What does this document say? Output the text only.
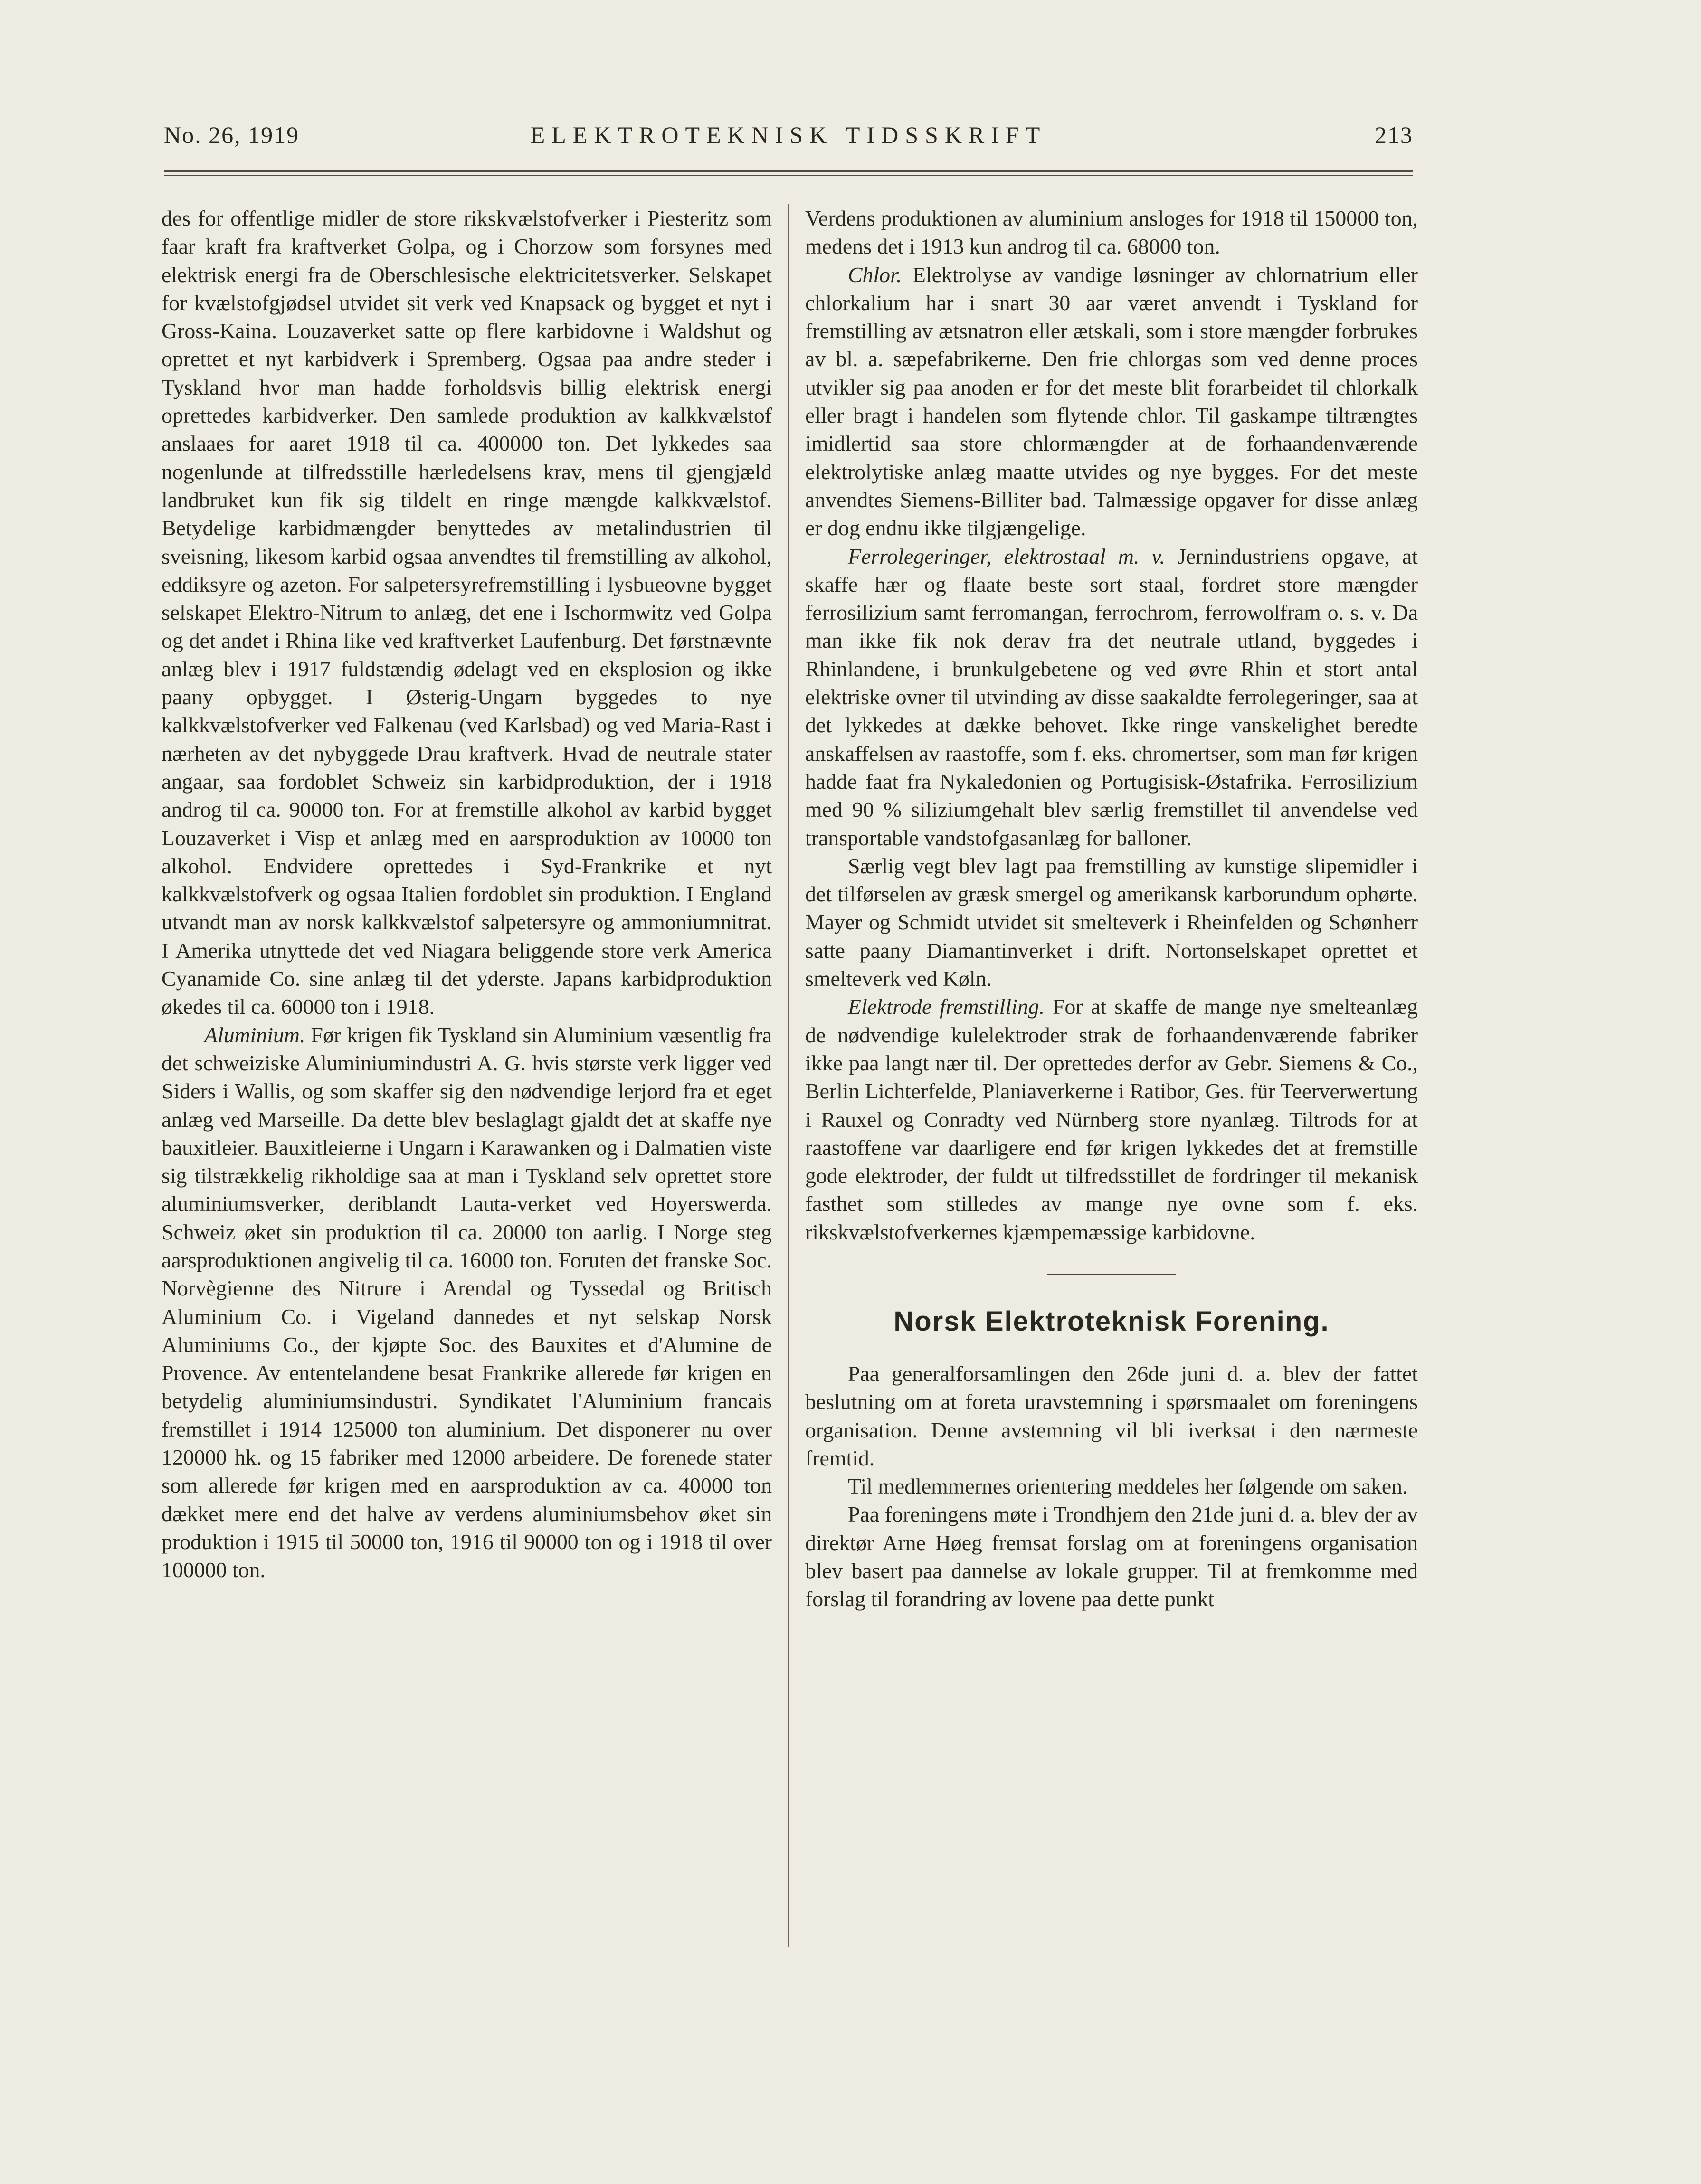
No. 26, 1919	ELEKTROTEKNISK TIDSSKRIFT	213

des for offentlige midler de store rikskvælstofverker i Piesteritz som faar kraft fra kraftverket Golpa, og i Chorzow som forsynes med elektrisk energi fra de Oberschlesische elektricitetsverker. Selskapet for kvælstofgjødsel utvidet sit verk ved Knapsack og bygget et nyt i Gross-Kaina. Louzaverket satte op flere karbidovne i Waldshut og oprettet et nyt karbidverk i Spremberg. Ogsaa paa andre steder i Tyskland hvor man hadde forholdsvis billig elektrisk energi oprettedes karbidverker. Den samlede produktion av kalkkvælstof anslaaes for aaret 1918 til ca. 400000 ton. Det lykkedes saa nogenlunde at tilfredsstille hærledelsens krav, mens til gjengjæld landbruket kun fik sig tildelt en ringe mængde kalkkvælstof. Betydelige karbidmængder benyttedes av metalindustrien til sveisning, likesom karbid ogsaa anvendtes til fremstilling av alkohol, eddiksyre og azeton. For salpetersyrefremstilling i lysbueovne bygget selskapet Elektro-Nitrum to anlæg, det ene i Ischormwitz ved Golpa og det andet i Rhina like ved kraftverket Laufenburg. Det førstnævnte anlæg blev i 1917 fuldstændig ødelagt ved en eksplosion og ikke paany opbygget. I Østerig-Ungarn byggedes to nye kalkkvælstofverker ved Falkenau (ved Karlsbad) og ved Maria-Rast i nærheten av det nybyggede Drau kraftverk. Hvad de neutrale stater angaar, saa fordoblet Schweiz sin karbidproduktion, der i 1918 androg til ca. 90000 ton. For at fremstille alkohol av karbid bygget Louzaverket i Visp et anlæg med en aarsproduktion av 10000 ton alkohol. Endvidere oprettedes i Syd-Frankrike et nyt kalkkvælstofverk og ogsaa Italien fordoblet sin produktion. I England utvandt man av norsk kalkkvælstof salpetersyre og ammoniumnitrat. I Amerika utnyttede det ved Niagara beliggende store verk America Cyanamide Co. sine anlæg til det yderste. Japans karbidproduktion økedes til ca. 60000 ton i 1918.

Aluminium. Før krigen fik Tyskland sin Aluminium væsentlig fra det schweiziske Aluminiumindustri A. G. hvis største verk ligger ved Siders i Wallis, og som skaffer sig den nødvendige lerjord fra et eget anlæg ved Marseille. Da dette blev beslaglagt gjaldt det at skaffe nye bauxitleier. Bauxitleierne i Ungarn i Karawanken og i Dalmatien viste sig tilstrækkelig rikholdige saa at man i Tyskland selv oprettet store aluminiumsverker, deriblandt Lauta-verket ved Hoyerswerda. Schweiz øket sin produktion til ca. 20000 ton aarlig. I Norge steg aarsproduktionen angivelig til ca. 16000 ton. Foruten det franske Soc. Norvègienne des Nitrure i Arendal og Tyssedal og Britisch Aluminium Co. i Vigeland dannedes et nyt selskap Norsk Aluminiums Co., der kjøpte Soc. des Bauxites et d'Alumine de Provence. Av ententelandene besat Frankrike allerede før krigen en betydelig aluminiumsindustri. Syndikatet l'Aluminium francais fremstillet i 1914 125000 ton aluminium. Det disponerer nu over 120000 hk. og 15 fabriker med 12000 arbeidere. De forenede stater som allerede før krigen med en aarsproduktion av ca. 40000 ton dækket mere end det halve av verdens aluminiumsbehov øket sin produktion i 1915 til 50000 ton, 1916 til 90000 ton og i 1918 til over 100000 ton.

Verdens produktionen av aluminium ansloges for 1918 til 150000 ton, medens det i 1913 kun androg til ca. 68000 ton.

Chlor. Elektrolyse av vandige løsninger av chlornatrium eller chlorkalium har i snart 30 aar været anvendt i Tyskland for fremstilling av ætsnatron eller ætskali, som i store mængder forbrukes av bl. a. sæpefabrikerne. Den frie chlorgas som ved denne proces utvikler sig paa anoden er for det meste blit forarbeidet til chlorkalk eller bragt i handelen som flytende chlor. Til gaskampe tiltrængtes imidlertid saa store chlormængder at de forhaandenværende elektrolytiske anlæg maatte utvides og nye bygges. For det meste anvendtes Siemens-Billiter bad. Talmæssige opgaver for disse anlæg er dog endnu ikke tilgjængelige.

Ferrolegeringer, elektrostaal m. v. Jernindustriens opgave, at skaffe hær og flaate beste sort staal, fordret store mængder ferrosilizium samt ferromangan, ferrochrom, ferrowolfram o. s. v. Da man ikke fik nok derav fra det neutrale utland, byggedes i Rhinlandene, i brunkulgebetene og ved øvre Rhin et stort antal elektriske ovner til utvinding av disse saakaldte ferrolegeringer, saa at det lykkedes at dække behovet. Ikke ringe vanskelighet beredte anskaffelsen av raastoffe, som f. eks. chromertser, som man før krigen hadde faat fra Nykaledonien og Portugisisk-Østafrika. Ferrosilizium med 90 % siliziumgehalt blev særlig fremstillet til anvendelse ved transportable vandstofgasanlæg for balloner.

Særlig vegt blev lagt paa fremstilling av kunstige slipemidler i det tilførselen av græsk smergel og amerikansk karborundum ophørte. Mayer og Schmidt utvidet sit smelteverk i Rheinfelden og Schønherr satte paany Diamantinverket i drift. Nortonselskapet oprettet et smelteverk ved Køln.

Elektrode fremstilling. For at skaffe de mange nye smelteanlæg de nødvendige kulelektroder strak de forhaandenværende fabriker ikke paa langt nær til. Der oprettedes derfor av Gebr. Siemens & Co., Berlin Lichterfelde, Planiaverkerne i Ratibor, Ges. für Teerverwertung i Rauxel og Conradty ved Nürnberg store nyanlæg. Tiltrods for at raastoffene var daarligere end før krigen lykkedes det at fremstille gode elektroder, der fuldt ut tilfredsstillet de fordringer til mekanisk fasthet som stilledes av mange nye ovne som f. eks. rikskvælstofverkernes kjæmpemæssige karbidovne.

Norsk Elektroteknisk Forening.

Paa generalforsamlingen den 26de juni d. a. blev der fattet beslutning om at foreta uravstemning i spørsmaalet om foreningens organisation. Denne avstemning vil bli iverksat i den nærmeste fremtid.

Til medlemmernes orientering meddeles her følgende om saken.

Paa foreningens møte i Trondhjem den 21de juni d. a. blev der av direktør Arne Høeg fremsat forslag om at foreningens organisation blev basert paa dannelse av lokale grupper. Til at fremkomme med forslag til forandring av lovene paa dette punkt
